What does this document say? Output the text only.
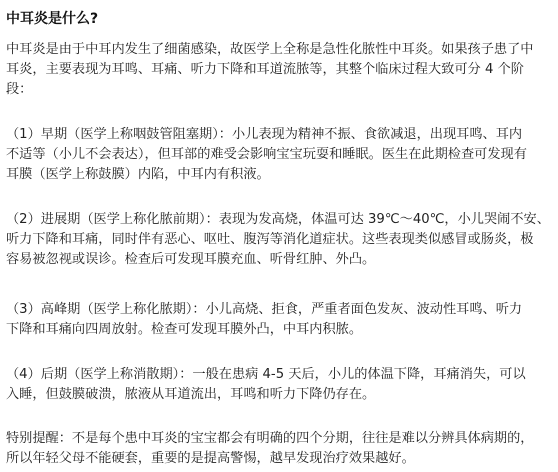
中耳炎是什么?
中耳炎是由于中耳内发生了细菌感染，故医学上全称是急性化脓性中耳炎。如果孩子患了中
耳炎，主要表现为耳鸣、耳痛、听力下降和耳道流脓等，其整个临床过程大致可分 4 个阶
段：
（1）早期（医学上称咽鼓管阻塞期）：小儿表现为精神不振、食欲减退，出现耳鸣、耳内
不适等（小儿不会表达），但耳部的难受会影响宝宝玩耍和睡眠。医生在此期检查可发现有
耳膜（医学上称鼓膜）内陷，中耳内有积液。
（2）进展期（医学上称化脓前期）：表现为发高烧，体温可达 39℃～40℃，小儿哭闹不安、
听力下降和耳痛，同时伴有恶心、呕吐、腹泻等消化道症状。这些表现类似感冒或肠炎，极
容易被忽视或误诊。检查后可发现耳膜充血、听骨红肿、外凸。
（3）高峰期（医学上称化脓期）：小儿高烧、拒食，严重者面色发灰、波动性耳鸣、听力
下降和耳痛向四周放射。检查可发现耳膜外凸，中耳内积脓。
（4）后期（医学上称消散期）：一般在患病 4-5 天后，小儿的体温下降，耳痛消失，可以
入睡，但鼓膜破溃，脓液从耳道流出，耳鸣和听力下降仍存在。
特别提醒：不是每个患中耳炎的宝宝都会有明确的四个分期，往往是难以分辨具体病期的，
所以年轻父母不能硬套，重要的是提高警惕，越早发现治疗效果越好。
